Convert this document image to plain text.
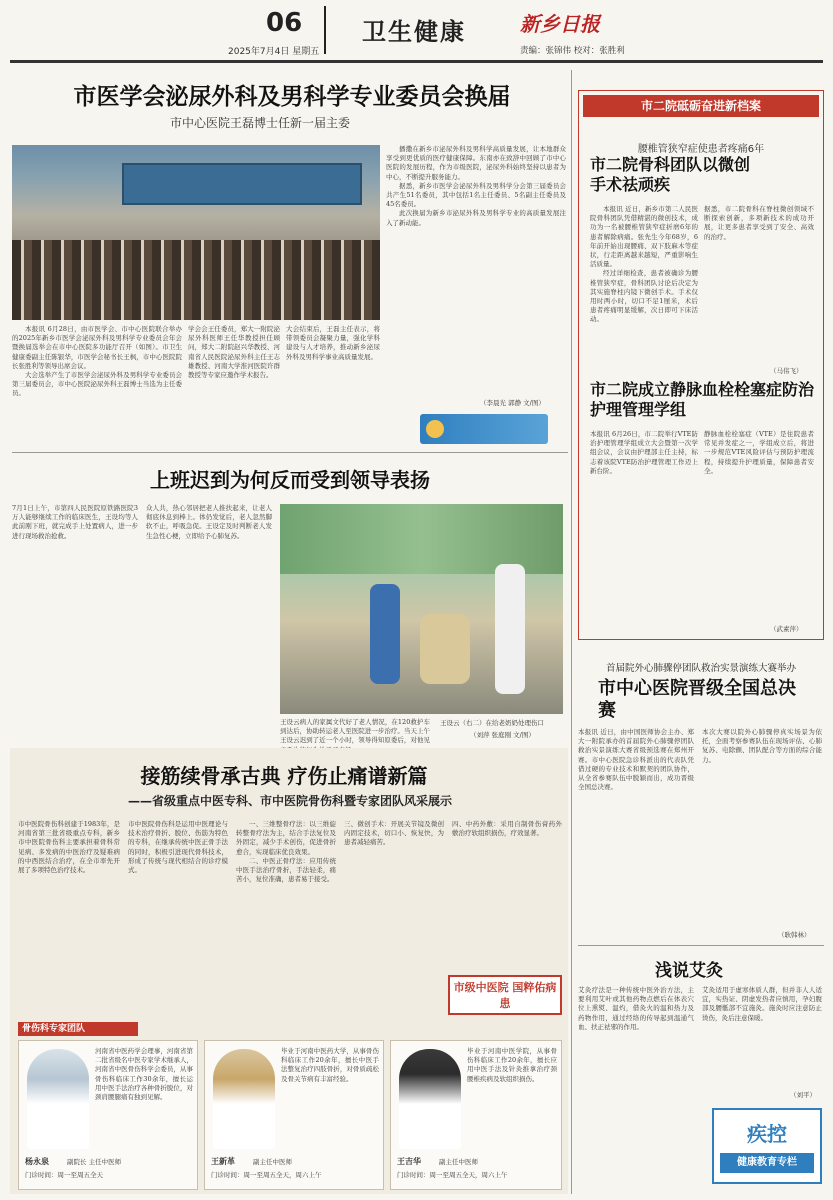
06
2025年7月4日 星期五
卫生健康	新乡日报
责编：张锦伟 校对：张胜利
市医学会泌尿外科及男科学专业委员会换届
市中心医院王磊博士任新一届主委

本报讯 6月28日，由市医学会、市中心医院联合举办的2025年新乡市医学会泌尿外科及男科学专业委员会年会暨换届选举会在市中心医院多功能厅召开（如图）。市卫生健康委副主任陈银华，市医学会秘书长王枫，市中心医院院长张胜利等领导出席会议。

大会选举产生了市医学会泌尿外科及男科学专业委员会第三届委员会，市中心医院泌尿外科王磊博士当选为主任委员。

学会会王任委员，郑大一附院泌尿外科医师王任华教授担任顾问，郑大二附院赵兴华教授、河南省人民医院泌尿外科主任王志雄教授、河南大学淮河医院许群教授等专家应邀作学术报告。
大会结束后，王磊主任表示，将带领委员会凝聚力量，强化学科建设与人才培养，推动新乡泌尿外科及男科学事业高质量发展。

播撒在新乡市泌尿外科及男科学高质量发展，让本地群众享受到更优质的医疗健康保障。东南亦在致辞中回顾了市中心医院的发展历程，作为市级医院，泌尿外科始终坚持以患者为中心，不断提升服务能力。

据悉，新乡市医学会泌尿外科及男科学分会第三届委员会共产生51名委员，其中包括1名主任委员、5名副主任委员及45名委员。

此次换届为新乡市泌尿外科及男科学专业的高质量发展注入了新动能。

（李晨光 郭静 文/图）
上班迟到为何反而受到领导表扬
7月1日上午，市第四人民医院原铁路医院3万人能够继续工作的临床医生，王设均等人此前刚下班，就完成手上处置病人，进一步进行现场救治抢救。
众人共，热心邻居把老人推扶起来，让老人彻底休息到棒上。体仍发觉后，老人忽然脚软不止，呼吸急促。王设定及时判断老人发生急性心梗，立即给予心肺复苏。
王设云（右二）在给老奶奶处理伤口
王设云病人的家属文代好了老人情况，在120救护车到达后，协助转运老人至医院进一步治疗。当天上午王设云迟到了近一个小时，领导得知原委后，对他见
（刘萍 张庭刚 文/图）
接筋续骨承古典 疗伤止痛谱新篇
——省级重点中医专科、市中医院骨伤科暨专家团队风采展示
市中医院骨伤科创建于1983年，是河南省第三批省级重点专科，新乡市中医院骨伤科主要承担着骨科常见病、多发病的中医治疗及疑难病的中西医结合治疗，在全市率先开展了多项特色治疗技术。
市中医院骨伤科是运用中医理论与技术治疗骨折、脱位、伤筋为特色的专科，在继承传统中医正骨手法的同时，积极引进现代骨科技术，形成了传统与现代相结合的诊疗模式。

一、三维整骨疗法：以三维旋转整骨疗法为主，结合手法复位及外固定，减少手术创伤，促进骨折愈合，实现临床优良效果。

二、中医正骨疗法：应用传统中医手法治疗骨折，手法轻柔，痛苦小，复位准确，患者易于接受。

三、微创手术：开展关节镜及微创内固定技术，切口小、恢复快，为患者减轻痛苦。
四、中药外敷：采用自制骨伤膏药外敷治疗软组织损伤，疗效显著。
市级中医院 国粹佑病患
骨伤科专家团队
河南省中医药学会理事，河南省第二批省级名中医专家学术继承人，河南省中医骨伤科学会委员，从事骨伤科临床工作30余年，擅长运用中医手法治疗各种骨折脱位，对颈肩腰腿痛有独到见解。
杨永泉	副院长 主任中医师
门诊时间：周一至周五全天
毕业于河南中医药大学，从事骨伤科临床工作20余年，擅长中医手法整复治疗四肢骨折，对骨质疏松及骨关节病有丰富经验。
王新革	副主任中医师
门诊时间：周一至周五全天，周六上午
毕业于河南中医学院，从事骨伤科临床工作20余年，擅长应用中医手法及针灸推拿治疗颈腰椎疾病及软组织损伤。
王吉华	副主任中医师
门诊时间：周一至周五全天，周六上午
市二院砥砺奋进新档案
腰椎管狭窄症使患者疼痛6年
市二院骨科团队以微创手术祛顽疾

本报讯 近日，新乡市第二人民医院骨科团队凭借精湛的微创技术，成功为一名被腰椎管狭窄症折磨6年的患者解除病痛。张先生今年68岁，6年前开始出现腰痛、双下肢麻木等症状，行走距离越来越短，严重影响生活质量。

经过详细检查，患者被确诊为腰椎管狭窄症，骨科团队讨论后决定为其实施脊柱内镜下微创手术。手术仅用时两小时，切口不足1厘米，术后患者疼痛明显缓解，次日即可下床活动。

据悉，市二院骨科在脊柱微创领域不断探索创新，多项新技术的成功开展，让更多患者享受到了安全、高效的治疗。
（马伟飞）
市二院成立静脉血栓栓塞症防治护理管理学组
本报讯 6月26日，市二院举行VTE防治护理管理学组成立大会暨第一次学组会议，会议由护理部主任主持，标志着该院VTE防治护理管理工作迈上新台阶。
静脉血栓栓塞症（VTE）是住院患者常见并发症之一，学组成立后，将进一步规范VTE风险评估与预防护理流程，持续提升护理质量，保障患者安全。
（武素萍）
首届院外心肺骤停团队救治实景演练大赛举办
市中心医院晋级全国总决赛
本报讯 近日，由中国医师协会主办、郑大一附院承办的首届院外心肺骤停团队救治实景演练大赛省级预选赛在郑州开赛。市中心医院急诊科派出的代表队凭借过硬的专业技术和默契的团队协作，从全省参赛队伍中脱颖而出，成功晋级全国总决赛。
本次大赛以院外心肺骤停真实场景为依托，全面考察参赛队伍在现场评估、心肺复苏、电除颤、团队配合等方面的综合能力。
（耿韩林）
浅说艾灸
艾灸疗法是一种传统中医外治方法，主要利用艾叶或其他药物点燃后在体表穴位上熏熨、温灼，借灸火的温和热力及药物作用，通过经络的传导起到温通气血、扶正祛邪的作用。
艾灸适用于虚寒体质人群，但并非人人适宜，实热证、阴虚发热者应慎用，孕妇腹部及腰骶部不宜施灸。施灸时应注意防止烫伤，灸后注意保暖。
（刘平）
疾控
健康教育专栏
